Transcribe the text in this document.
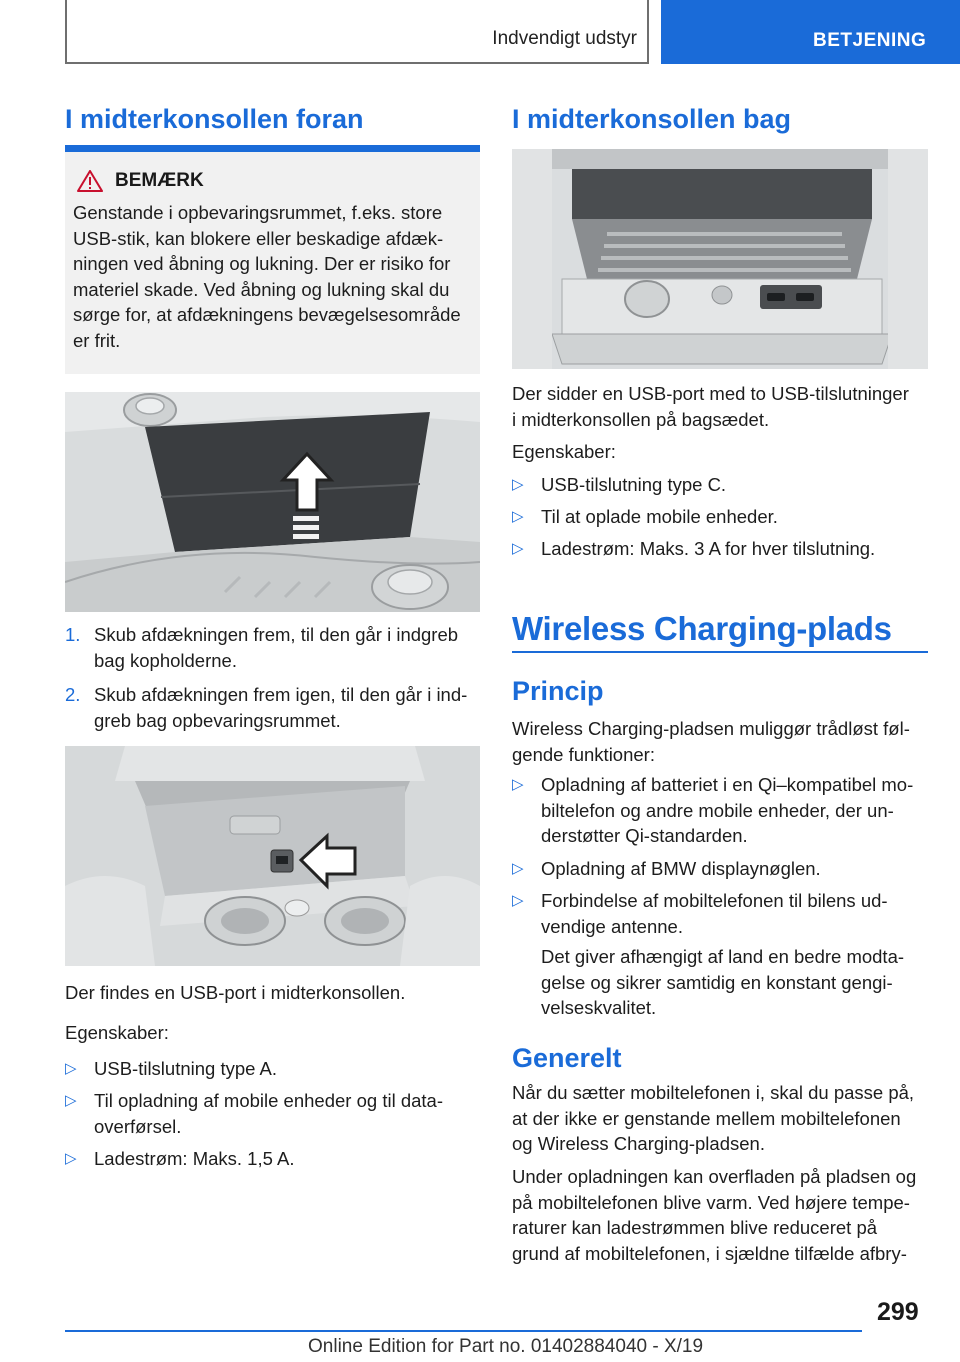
Indvendigt udstyr	BETJENING
I midterkonsollen foran
BEMÆRK
Genstande i opbevaringsrummet, f.eks. store
USB-stik, kan blokere eller beskadige afdæk-
ningen ved åbning og lukning. Der er risiko for
materiel skade. Ved åbning og lukning skal du
sørge for, at afdækningens bevægelsesområde
er frit.
1. Skub afdækningen frem, til den går i indgreb
bag kopholderne.
2. Skub afdækningen frem igen, til den går i ind-
greb bag opbevaringsrummet.
Der findes en USB-port i midterkonsollen.
Egenskaber:
▷ USB-tilslutning type A.
▷ Til opladning af mobile enheder og til data-
overførsel.
▷ Ladestrøm: Maks. 1,5 A.
I midterkonsollen bag
Der sidder en USB-port med to USB-tilslutninger
i midterkonsollen på bagsædet.
Egenskaber:
▷ USB-tilslutning type C.
▷ Til at oplade mobile enheder.
▷ Ladestrøm: Maks. 3 A for hver tilslutning.
Wireless Charging-plads
Princip
Wireless Charging-pladsen muliggør trådløst føl-
gende funktioner:
▷ Opladning af batteriet i en Qi–kompatibel mo-
biltelefon og andre mobile enheder, der un-
derstøtter Qi-standarden.
▷ Opladning af BMW displaynøglen.
▷ Forbindelse af mobiltelefonen til bilens ud-
vendige antenne.
Det giver afhængigt af land en bedre modta-
gelse og sikrer samtidig en konstant gengi-
velseskvalitet.
Generelt
Når du sætter mobiltelefonen i, skal du passe på,
at der ikke er genstande mellem mobiltelefonen
og Wireless Charging-pladsen.
Under opladningen kan overfladen på pladsen og
på mobiltelefonen blive varm. Ved højere tempe-
raturer kan ladestrømmen blive reduceret på
grund af mobiltelefonen, i sjældne tilfælde afbry-
299
Online Edition for Part no. 01402884040 - X/19
